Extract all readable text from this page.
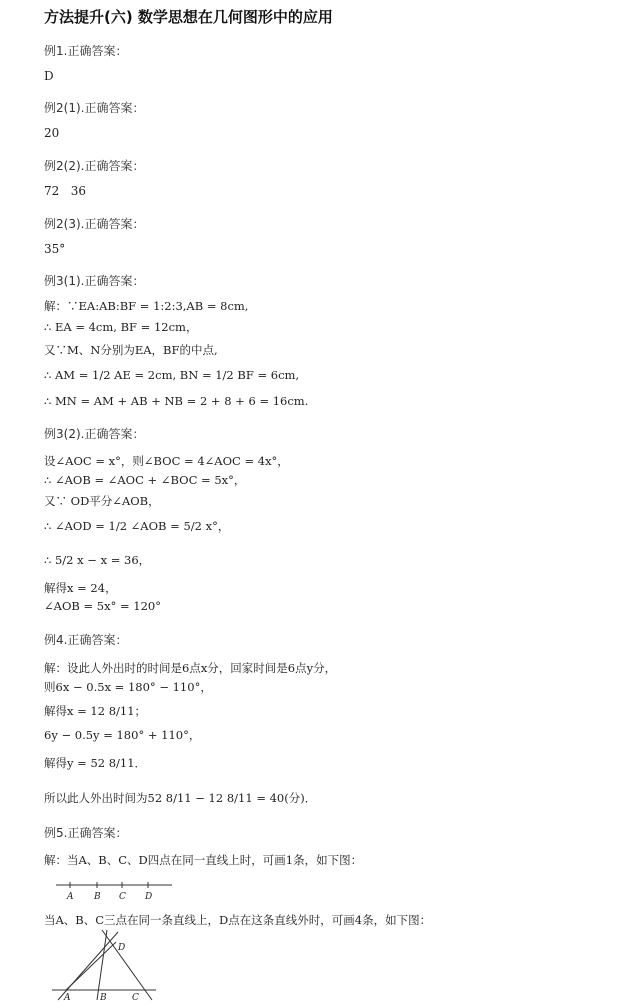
方法提升(六) 数学思想在几何图形中的应用
例1.正确答案：
D
例2(1).正确答案：
20
例2(2).正确答案：
72   36
例2(3).正确答案：
35°
例3(1).正确答案：
解：∵EA:AB:BF = 1:2:3,AB = 8cm,
∴ EA = 4cm, BF = 12cm，
又∵M、N分别为EA，BF的中点,
∴ AM = 1/2 AE = 2cm, BN = 1/2 BF = 6cm,
∴ MN = AM + AB + NB = 2 + 8 + 6 = 16cm.
例3(2).正确答案：
设∠AOC = x°，则∠BOC = 4∠AOC = 4x°，
∴ ∠AOB = ∠AOC + ∠BOC = 5x°，
又∵ OD平分∠AOB，
∴ ∠AOD = 1/2 ∠AOB = 5/2 x°，
∴ 5/2 x − x = 36，
解得x = 24，
∠AOB = 5x° = 120°
例4.正确答案：
解：设此人外出时的时间是6点x分，回家时间是6点y分，
则6x − 0.5x = 180° − 110°，
解得x = 12 8/11；
6y − 0.5y = 180° + 110°，
解得y = 52 8/11．
所以此人外出时间为52 8/11 − 12 8/11 = 40(分)．
例5.正确答案：
解：当A、B、C、D四点在同一直线上时，可画1条，如下图：
A B C D
当A、B、C三点在同一条直线上，D点在这条直线外时，可画4条，如下图：
A	B	C
D
